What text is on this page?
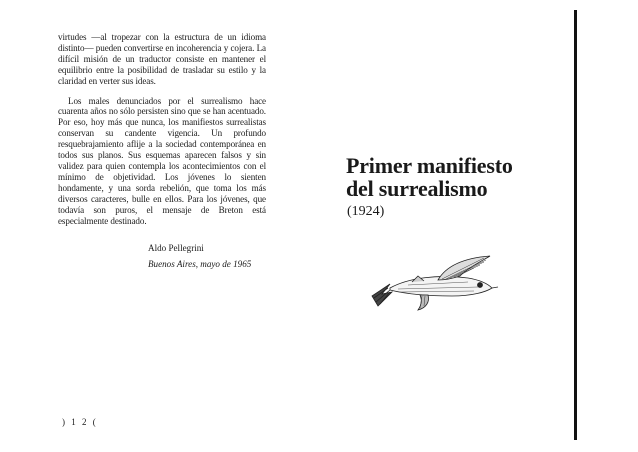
virtudes —al tropezar con la estructura de un idioma distinto— pueden convertirse en incoherencia y cojera. La difícil misión de un traductor consiste en mantener el equilibrio entre la posibilidad de trasladar su estilo y la claridad en verter sus ideas.

Los males denunciados por el surrealismo hace cuarenta años no sólo persisten sino que se han acentuado. Por eso, hoy más que nunca, los manifiestos surrealistas conservan su candente vigencia. Un profundo resquebrajamiento aflije a la sociedad contemporánea en todos sus planos. Sus esquemas aparecen falsos y sin validez para quien contempla los acontecimientos con el mínimo de objetividad. Los jóvenes lo sienten hondamente, y una sorda rebelión, que toma los más diversos caracteres, bulle en ellos. Para los jóvenes, que todavía son puros, el mensaje de Breton está especialmente destinado.

Aldo Pellegrini
Buenos Aires, mayo de 1965
) 1 2 (
Primer manifiesto
del surrealismo
(1924)
